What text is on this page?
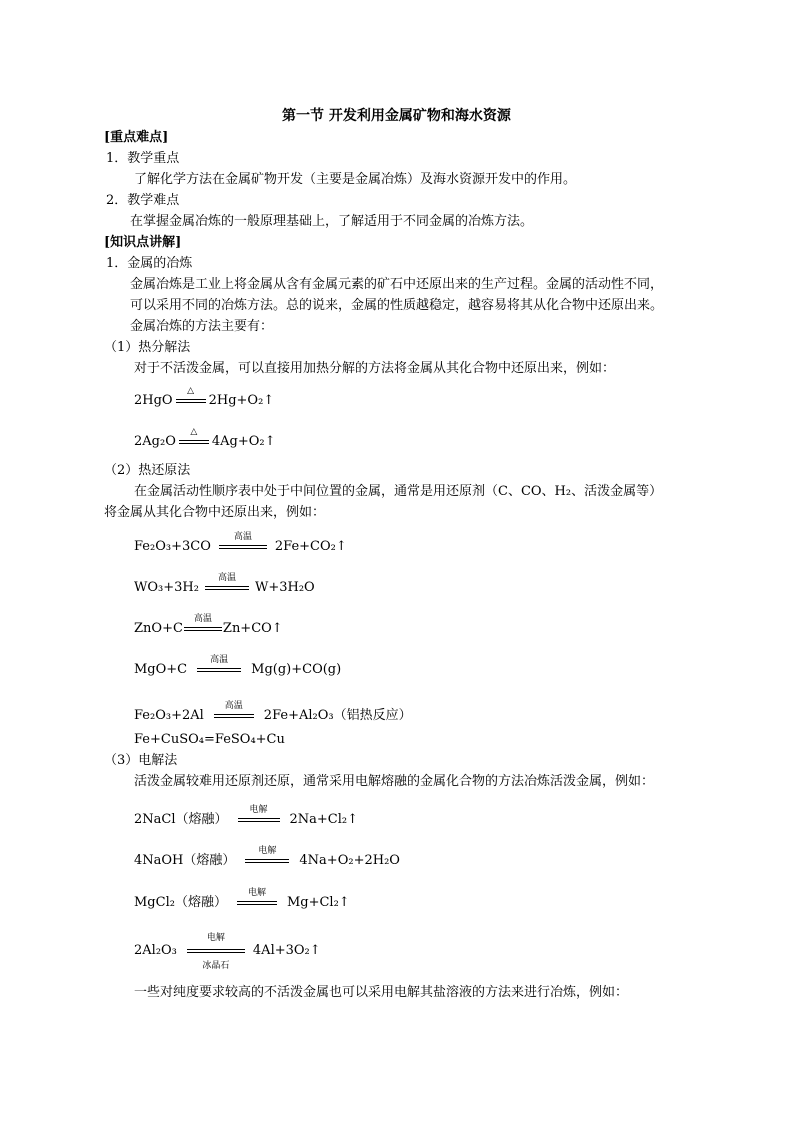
第一节 开发利用金属矿物和海水资源
[重点难点]
1．教学重点
了解化学方法在金属矿物开发（主要是金属冶炼）及海水资源开发中的作用。
2．教学难点
在掌握金属冶炼的一般原理基础上，了解适用于不同金属的冶炼方法。
[知识点讲解]
1．金属的冶炼
金属冶炼是工业上将金属从含有金属元素的矿石中还原出来的生产过程。金属的活动性不同，
可以采用不同的冶炼方法。总的说来，金属的性质越稳定，越容易将其从化合物中还原出来。
金属冶炼的方法主要有：
（1）热分解法
对于不活泼金属，可以直接用加热分解的方法将金属从其化合物中还原出来，例如：
2HgO
△
2Hg+O₂↑
2Ag₂O
△
4Ag+O₂↑
（2）热还原法
在金属活动性顺序表中处于中间位置的金属，通常是用还原剂（C、CO、H₂、活泼金属等）
将金属从其化合物中还原出来，例如：
Fe₂O₃+3CO
高温
2Fe+CO₂↑
WO₃+3H₂
高温
W+3H₂O
ZnO+C
高温
Zn+CO↑
MgO+C
高温
Mg(g)+CO(g)
Fe₂O₃+2Al
高温
2Fe+Al₂O₃（铝热反应）
Fe+CuSO₄=FeSO₄+Cu
（3）电解法
活泼金属较难用还原剂还原，通常采用电解熔融的金属化合物的方法冶炼活泼金属，例如：
2NaCl（熔融）
电解
2Na+Cl₂↑
4NaOH（熔融）
电解
4Na+O₂+2H₂O
MgCl₂（熔融）
电解
Mg+Cl₂↑
2Al₂O₃
电解
冰晶石
4Al+3O₂↑
一些对纯度要求较高的不活泼金属也可以采用电解其盐溶液的方法来进行冶炼，例如：
